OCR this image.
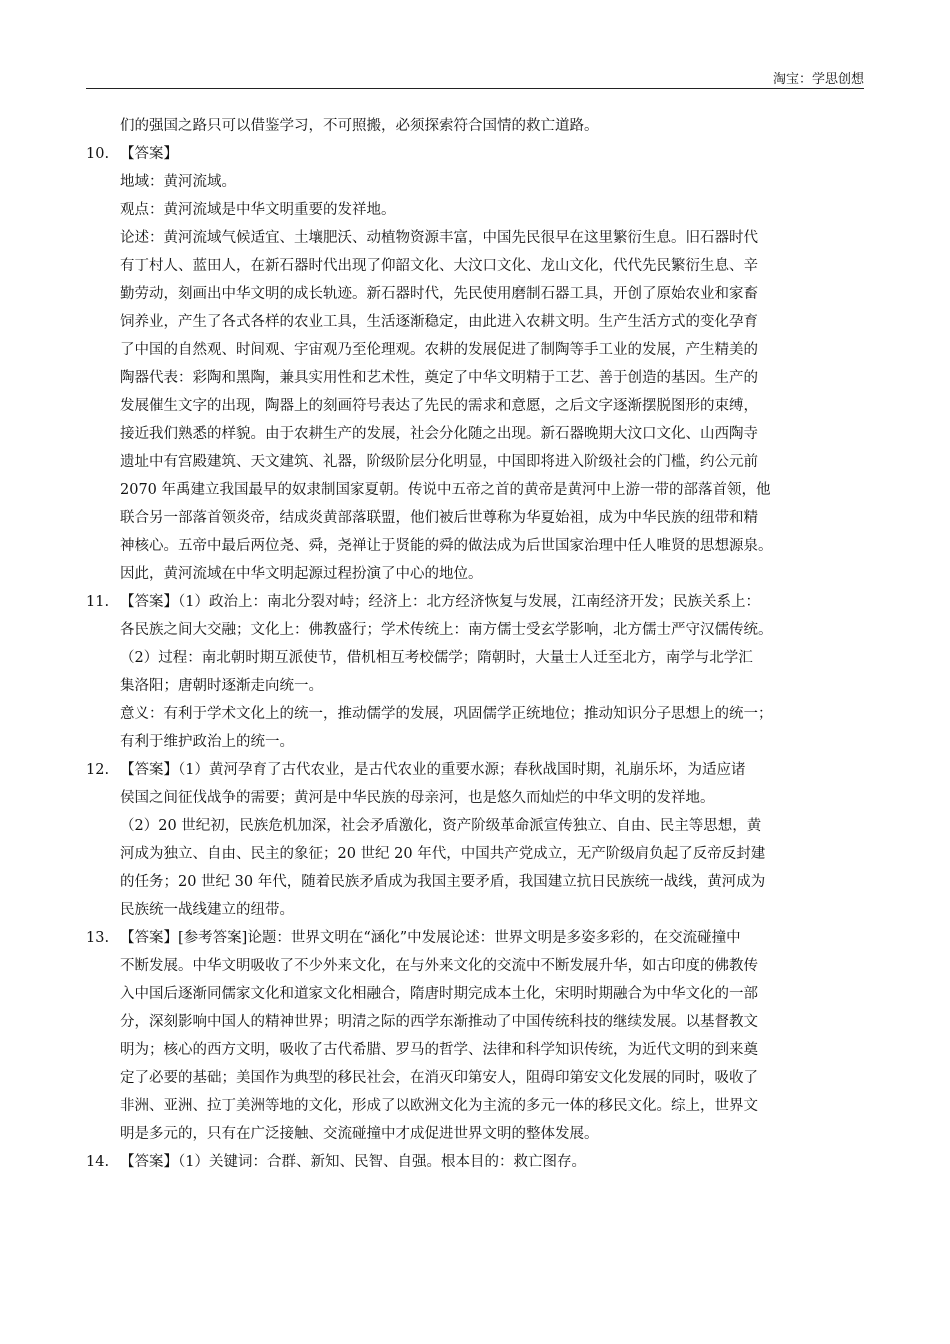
淘宝：学思创想
们的强国之路只可以借鉴学习，不可照搬，必须探索符合国情的救亡道路。
10. 【答案】
地域：黄河流域。
观点：黄河流域是中华文明重要的发祥地。
论述：黄河流域气候适宜、土壤肥沃、动植物资源丰富，中国先民很早在这里繁衍生息。旧石器时代
有丁村人、蓝田人，在新石器时代出现了仰韶文化、大汶口文化、龙山文化，代代先民繁衍生息、辛
勤劳动，刻画出中华文明的成长轨迹。新石器时代，先民使用磨制石器工具，开创了原始农业和家畜
饲养业，产生了各式各样的农业工具，生活逐渐稳定，由此进入农耕文明。生产生活方式的变化孕育
了中国的自然观、时间观、宇宙观乃至伦理观。农耕的发展促进了制陶等手工业的发展，产生精美的
陶器代表：彩陶和黑陶，兼具实用性和艺术性，奠定了中华文明精于工艺、善于创造的基因。生产的
发展催生文字的出现，陶器上的刻画符号表达了先民的需求和意愿，之后文字逐渐摆脱图形的束缚，
接近我们熟悉的样貌。由于农耕生产的发展，社会分化随之出现。新石器晚期大汶口文化、山西陶寺
遗址中有宫殿建筑、天文建筑、礼器，阶级阶层分化明显，中国即将进入阶级社会的门槛，约公元前
2070 年禹建立我国最早的奴隶制国家夏朝。传说中五帝之首的黄帝是黄河中上游一带的部落首领，他
联合另一部落首领炎帝，结成炎黄部落联盟，他们被后世尊称为华夏始祖，成为中华民族的纽带和精
神核心。五帝中最后两位尧、舜，尧禅让于贤能的舜的做法成为后世国家治理中任人唯贤的思想源泉。
因此，黄河流域在中华文明起源过程扮演了中心的地位。
11. 【答案】（1）政治上：南北分裂对峙；经济上：北方经济恢复与发展，江南经济开发；民族关系上：
各民族之间大交融；文化上：佛教盛行；学术传统上：南方儒士受玄学影响，北方儒士严守汉儒传统。
（2）过程：南北朝时期互派使节，借机相互考校儒学；隋朝时，大量士人迁至北方，南学与北学汇
集洛阳；唐朝时逐渐走向统一。
意义：有利于学术文化上的统一，推动儒学的发展，巩固儒学正统地位；推动知识分子思想上的统一；
有利于维护政治上的统一。
12. 【答案】（1）黄河孕育了古代农业，是古代农业的重要水源；春秋战国时期，礼崩乐坏，为适应诸
侯国之间征伐战争的需要；黄河是中华民族的母亲河，也是悠久而灿烂的中华文明的发祥地。
（2）20 世纪初，民族危机加深，社会矛盾激化，资产阶级革命派宣传独立、自由、民主等思想，黄
河成为独立、自由、民主的象征；20 世纪 20 年代，中国共产党成立，无产阶级肩负起了反帝反封建
的任务；20 世纪 30 年代，随着民族矛盾成为我国主要矛盾，我国建立抗日民族统一战线，黄河成为
民族统一战线建立的纽带。
13. 【答案】[参考答案]论题：世界文明在“涵化”中发展论述：世界文明是多姿多彩的，在交流碰撞中
不断发展。中华文明吸收了不少外来文化，在与外来文化的交流中不断发展升华，如古印度的佛教传
入中国后逐渐同儒家文化和道家文化相融合，隋唐时期完成本土化，宋明时期融合为中华文化的一部
分，深刻影响中国人的精神世界；明清之际的西学东渐推动了中国传统科技的继续发展。以基督教文
明为；核心的西方文明，吸收了古代希腊、罗马的哲学、法律和科学知识传统，为近代文明的到来奠
定了必要的基础；美国作为典型的移民社会，在消灭印第安人，阻碍印第安文化发展的同时，吸收了
非洲、亚洲、拉丁美洲等地的文化，形成了以欧洲文化为主流的多元一体的移民文化。综上，世界文
明是多元的，只有在广泛接触、交流碰撞中才成促进世界文明的整体发展。
14. 【答案】（1）关键词：合群、新知、民智、自强。根本目的：救亡图存。
